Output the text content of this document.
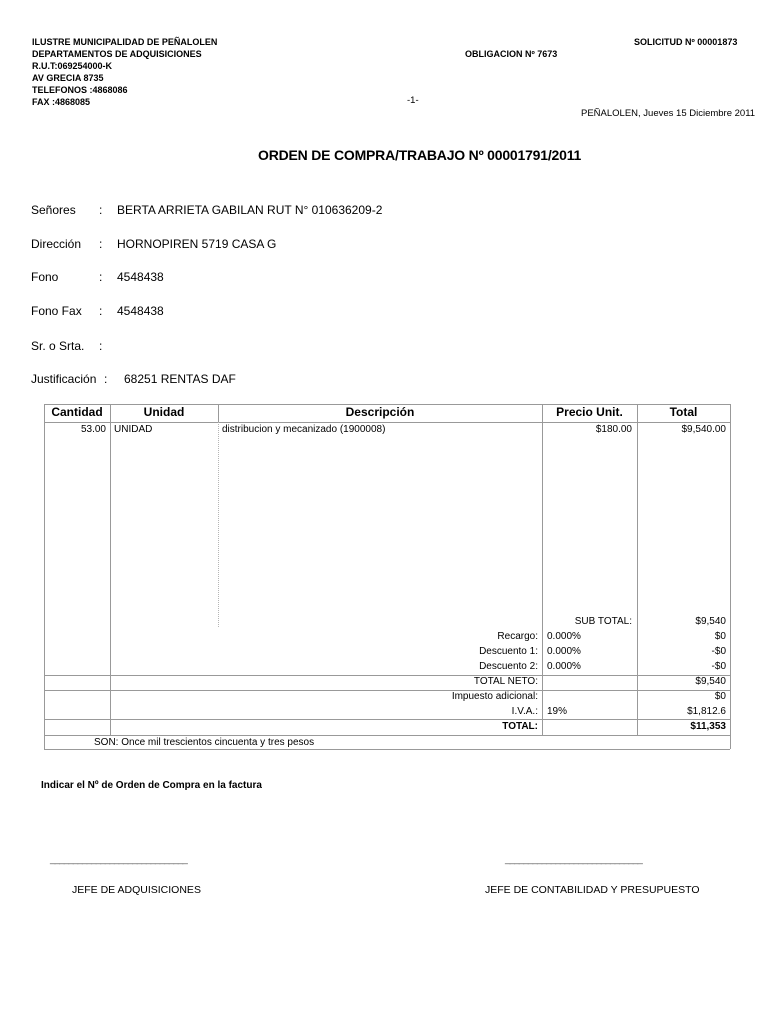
ILUSTRE MUNICIPALIDAD DE PEÑALOLEN
DEPARTAMENTOS DE ADQUISICIONES
R.U.T:069254000-K
AV GRECIA 8735
TELEFONOS :4868086
FAX :4868085
OBLIGACION Nº 7673
SOLICITUD Nº 00001873
-1-
PEÑALOLEN, Jueves 15 Diciembre 2011
ORDEN DE COMPRA/TRABAJO Nº 00001791/2011
Señores : BERTA ARRIETA GABILAN RUT N° 010636209-2
Dirección : HORNOPIREN 5719 CASA G
Fono	: 4548438
Fono Fax : 4548438
Sr. o Srta. :
Justificación : 68251 RENTAS DAF
Cantidad	Unidad	Descripción	Precio Unit.	Total
53.00 UNIDAD	distribucion y mecanizado (1900008)	$180.00	$9,540.00
SUB TOTAL:	$9,540
Recargo: 0.000%	$0
Descuento 1: 0.000%	-$0
Descuento 2: 0.000%	-$0
TOTAL NETO:	$9,540
Impuesto adicional:	$0
I.V.A.: 19%	$1,812.6
TOTAL:	$11,353
SON: Once mil trescientos cincuenta y tres pesos
Indicar el Nº de Orden de Compra en la factura
______________________________	______________________________
JEFE DE ADQUISICIONES	JEFE DE CONTABILIDAD Y PRESUPUESTO
